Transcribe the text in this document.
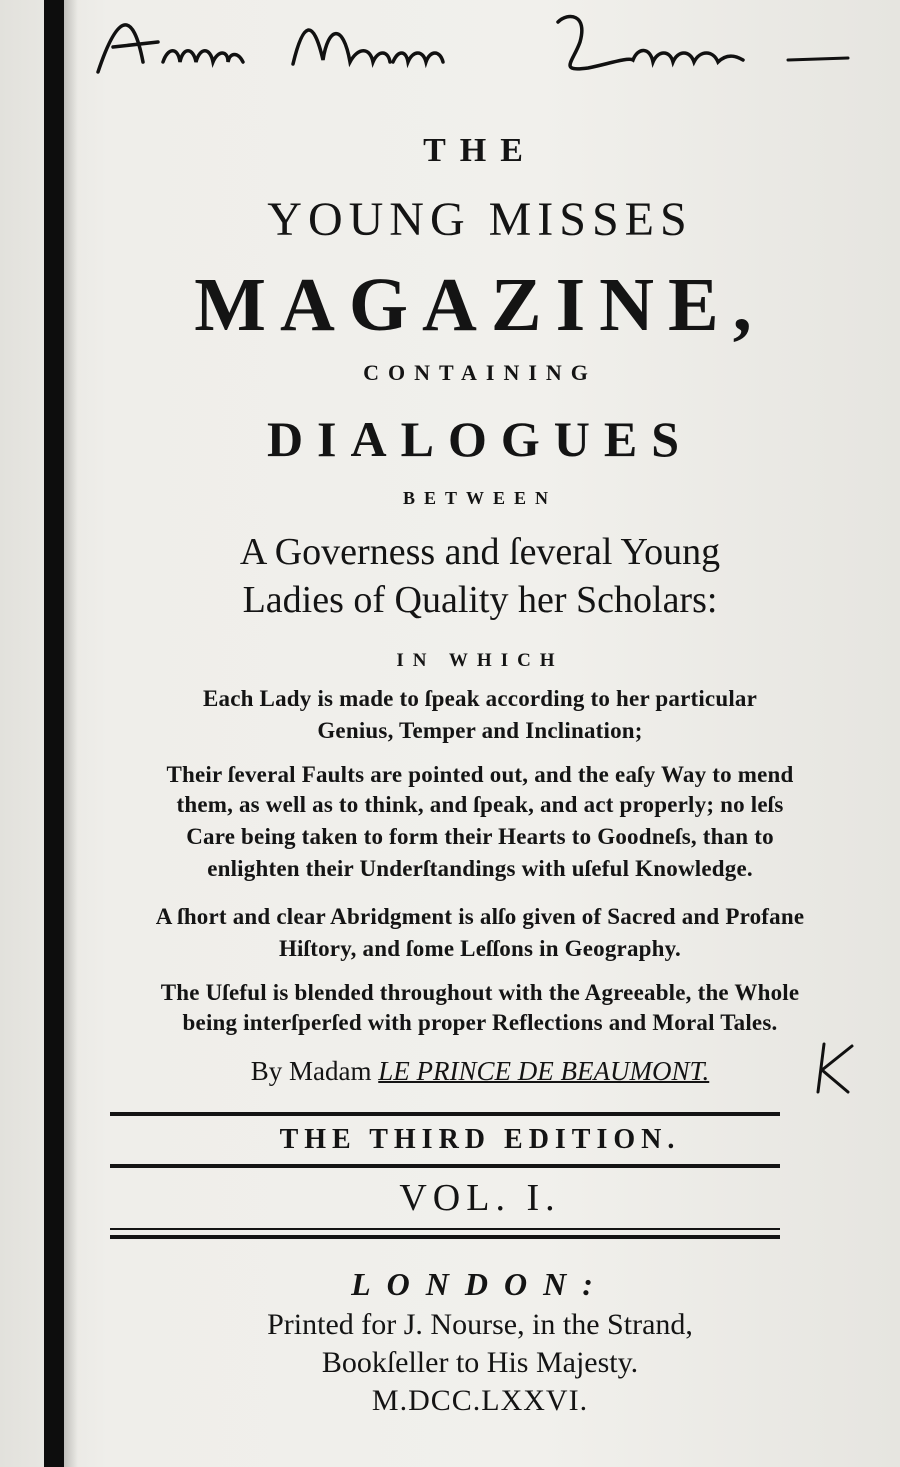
THE
YOUNG MISSES
MAGAZINE,
CONTAINING
DIALOGUES
BETWEEN
A Governess and ſeveral Young
Ladies of Quality her Scholars:
IN WHICH
Each Lady is made to ſpeak according to her particular
Genius, Temper and Inclination;
Their ſeveral Faults are pointed out, and the eaſy Way to mend
them, as well as to think, and ſpeak, and act properly; no leſs
Care being taken to form their Hearts to Goodneſs, than to
enlighten their Underſtandings with uſeful Knowledge.
A ſhort and clear Abridgment is alſo given of Sacred and Profane
Hiſtory, and ſome Leſſons in Geography.
The Uſeful is blended throughout with the Agreeable, the Whole
being interſperſed with proper Reflections and Moral Tales.
By Madam LE PRINCE DE BEAUMONT.
THE THIRD EDITION.
VOL. I.
LONDON:
Printed for J. Nourse, in the Strand,
Bookſeller to His Majesty.
M.DCC.LXXVI.
